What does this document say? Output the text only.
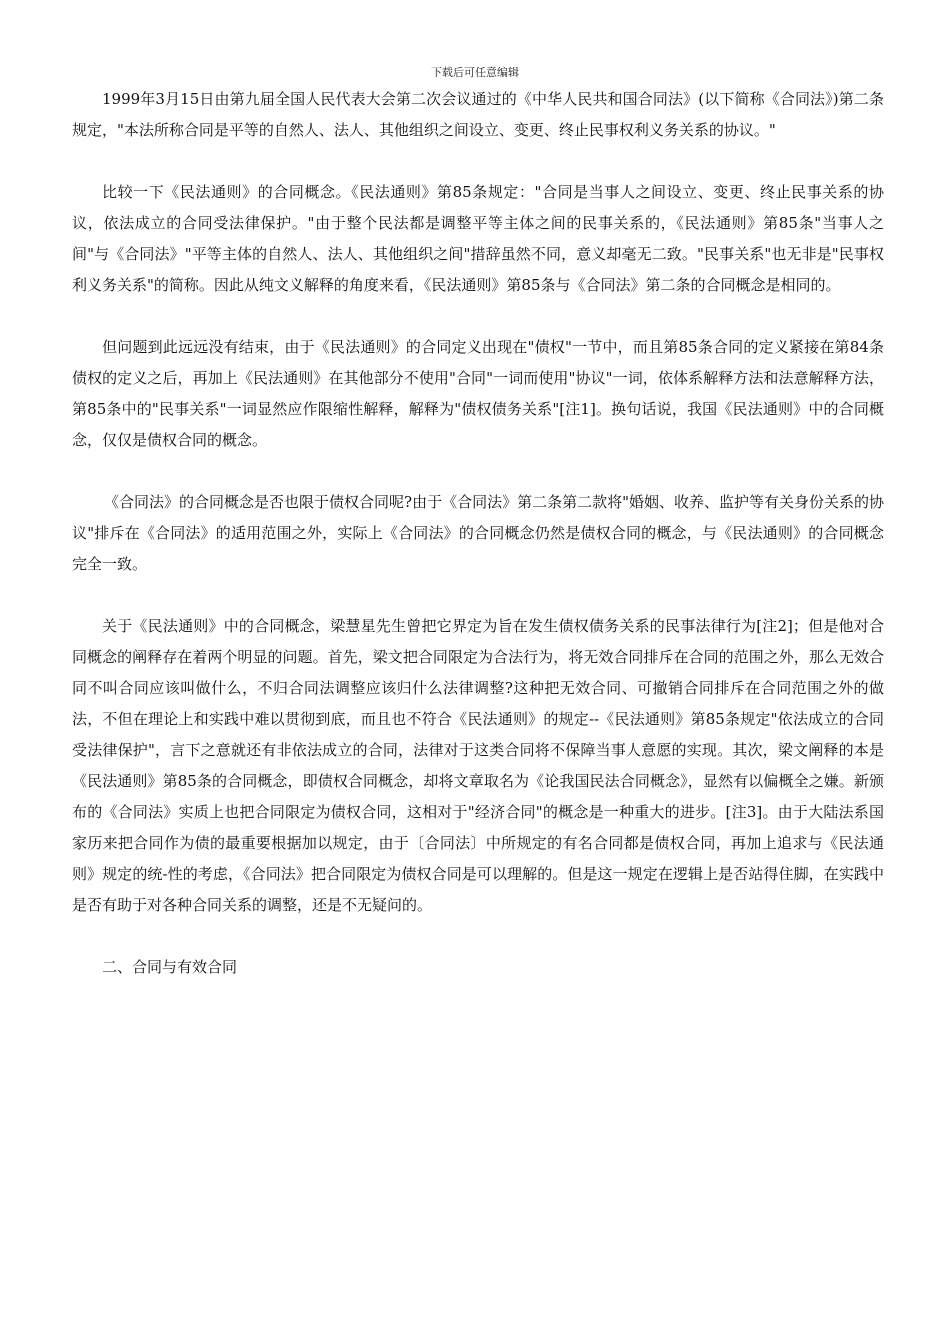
下载后可任意编辑

1999年3月15日由第九届全国人民代表大会第二次会议通过的《中华人民共和国合同法》(以下简称《合同法》)第二条规定，"本法所称合同是平等的自然人、法人、其他组织之间设立、变更、终止民事权利义务关系的协议。"

比较一下《民法通则》的合同概念。《民法通则》第85条规定："合同是当事人之间设立、变更、终止民事关系的协议，依法成立的合同受法律保护。"由于整个民法都是调整平等主体之间的民事关系的，《民法通则》第85条"当事人之间"与《合同法》"平等主体的自然人、法人、其他组织之间"措辞虽然不同，意义却毫无二致。"民事关系"也无非是"民事权利义务关系"的简称。因此从纯文义解释的角度来看，《民法通则》第85条与《合同法》第二条的合同概念是相同的。

但问题到此远远没有结束，由于《民法通则》的合同定义出现在"债权"一节中，而且第85条合同的定义紧接在第84条债权的定义之后，再加上《民法通则》在其他部分不使用"合同"一词而使用"协议"一词，依体系解释方法和法意解释方法，第85条中的"民事关系"一词显然应作限缩性解释，解释为"债权债务关系"[注1]。换句话说，我国《民法通则》中的合同概念，仅仅是债权合同的概念。

《合同法》的合同概念是否也限于债权合同呢?由于《合同法》第二条第二款将"婚姻、收养、监护等有关身份关系的协议"排斥在《合同法》的适用范围之外，实际上《合同法》的合同概念仍然是债权合同的概念，与《民法通则》的合同概念完全一致。

关于《民法通则》中的合同概念，梁慧星先生曾把它界定为旨在发生债权债务关系的民事法律行为[注2]；但是他对合同概念的阐释存在着两个明显的问题。首先，梁文把合同限定为合法行为，将无效合同排斥在合同的范围之外，那么无效合同不叫合同应该叫做什么，不归合同法调整应该归什么法律调整?这种把无效合同、可撤销合同排斥在合同范围之外的做法，不但在理论上和实践中难以贯彻到底，而且也不符合《民法通则》的规定--《民法通则》第85条规定"依法成立的合同受法律保护"，言下之意就还有非依法成立的合同，法律对于这类合同将不保障当事人意愿的实现。其次，梁文阐释的本是《民法通则》第85条的合同概念，即债权合同概念，却将文章取名为《论我国民法合同概念》，显然有以偏概全之嫌。新颁布的《合同法》实质上也把合同限定为债权合同，这相对于"经济合同"的概念是一种重大的进步。[注3]。由于大陆法系国家历来把合同作为债的最重要根据加以规定，由于〔合同法〕中所规定的有名合同都是债权合同，再加上追求与《民法通则》规定的统-性的考虑，《合同法》把合同限定为债权合同是可以理解的。但是这一规定在逻辑上是否站得住脚，在实践中是否有助于对各种合同关系的调整，还是不无疑问的。

二、合同与有效合同
